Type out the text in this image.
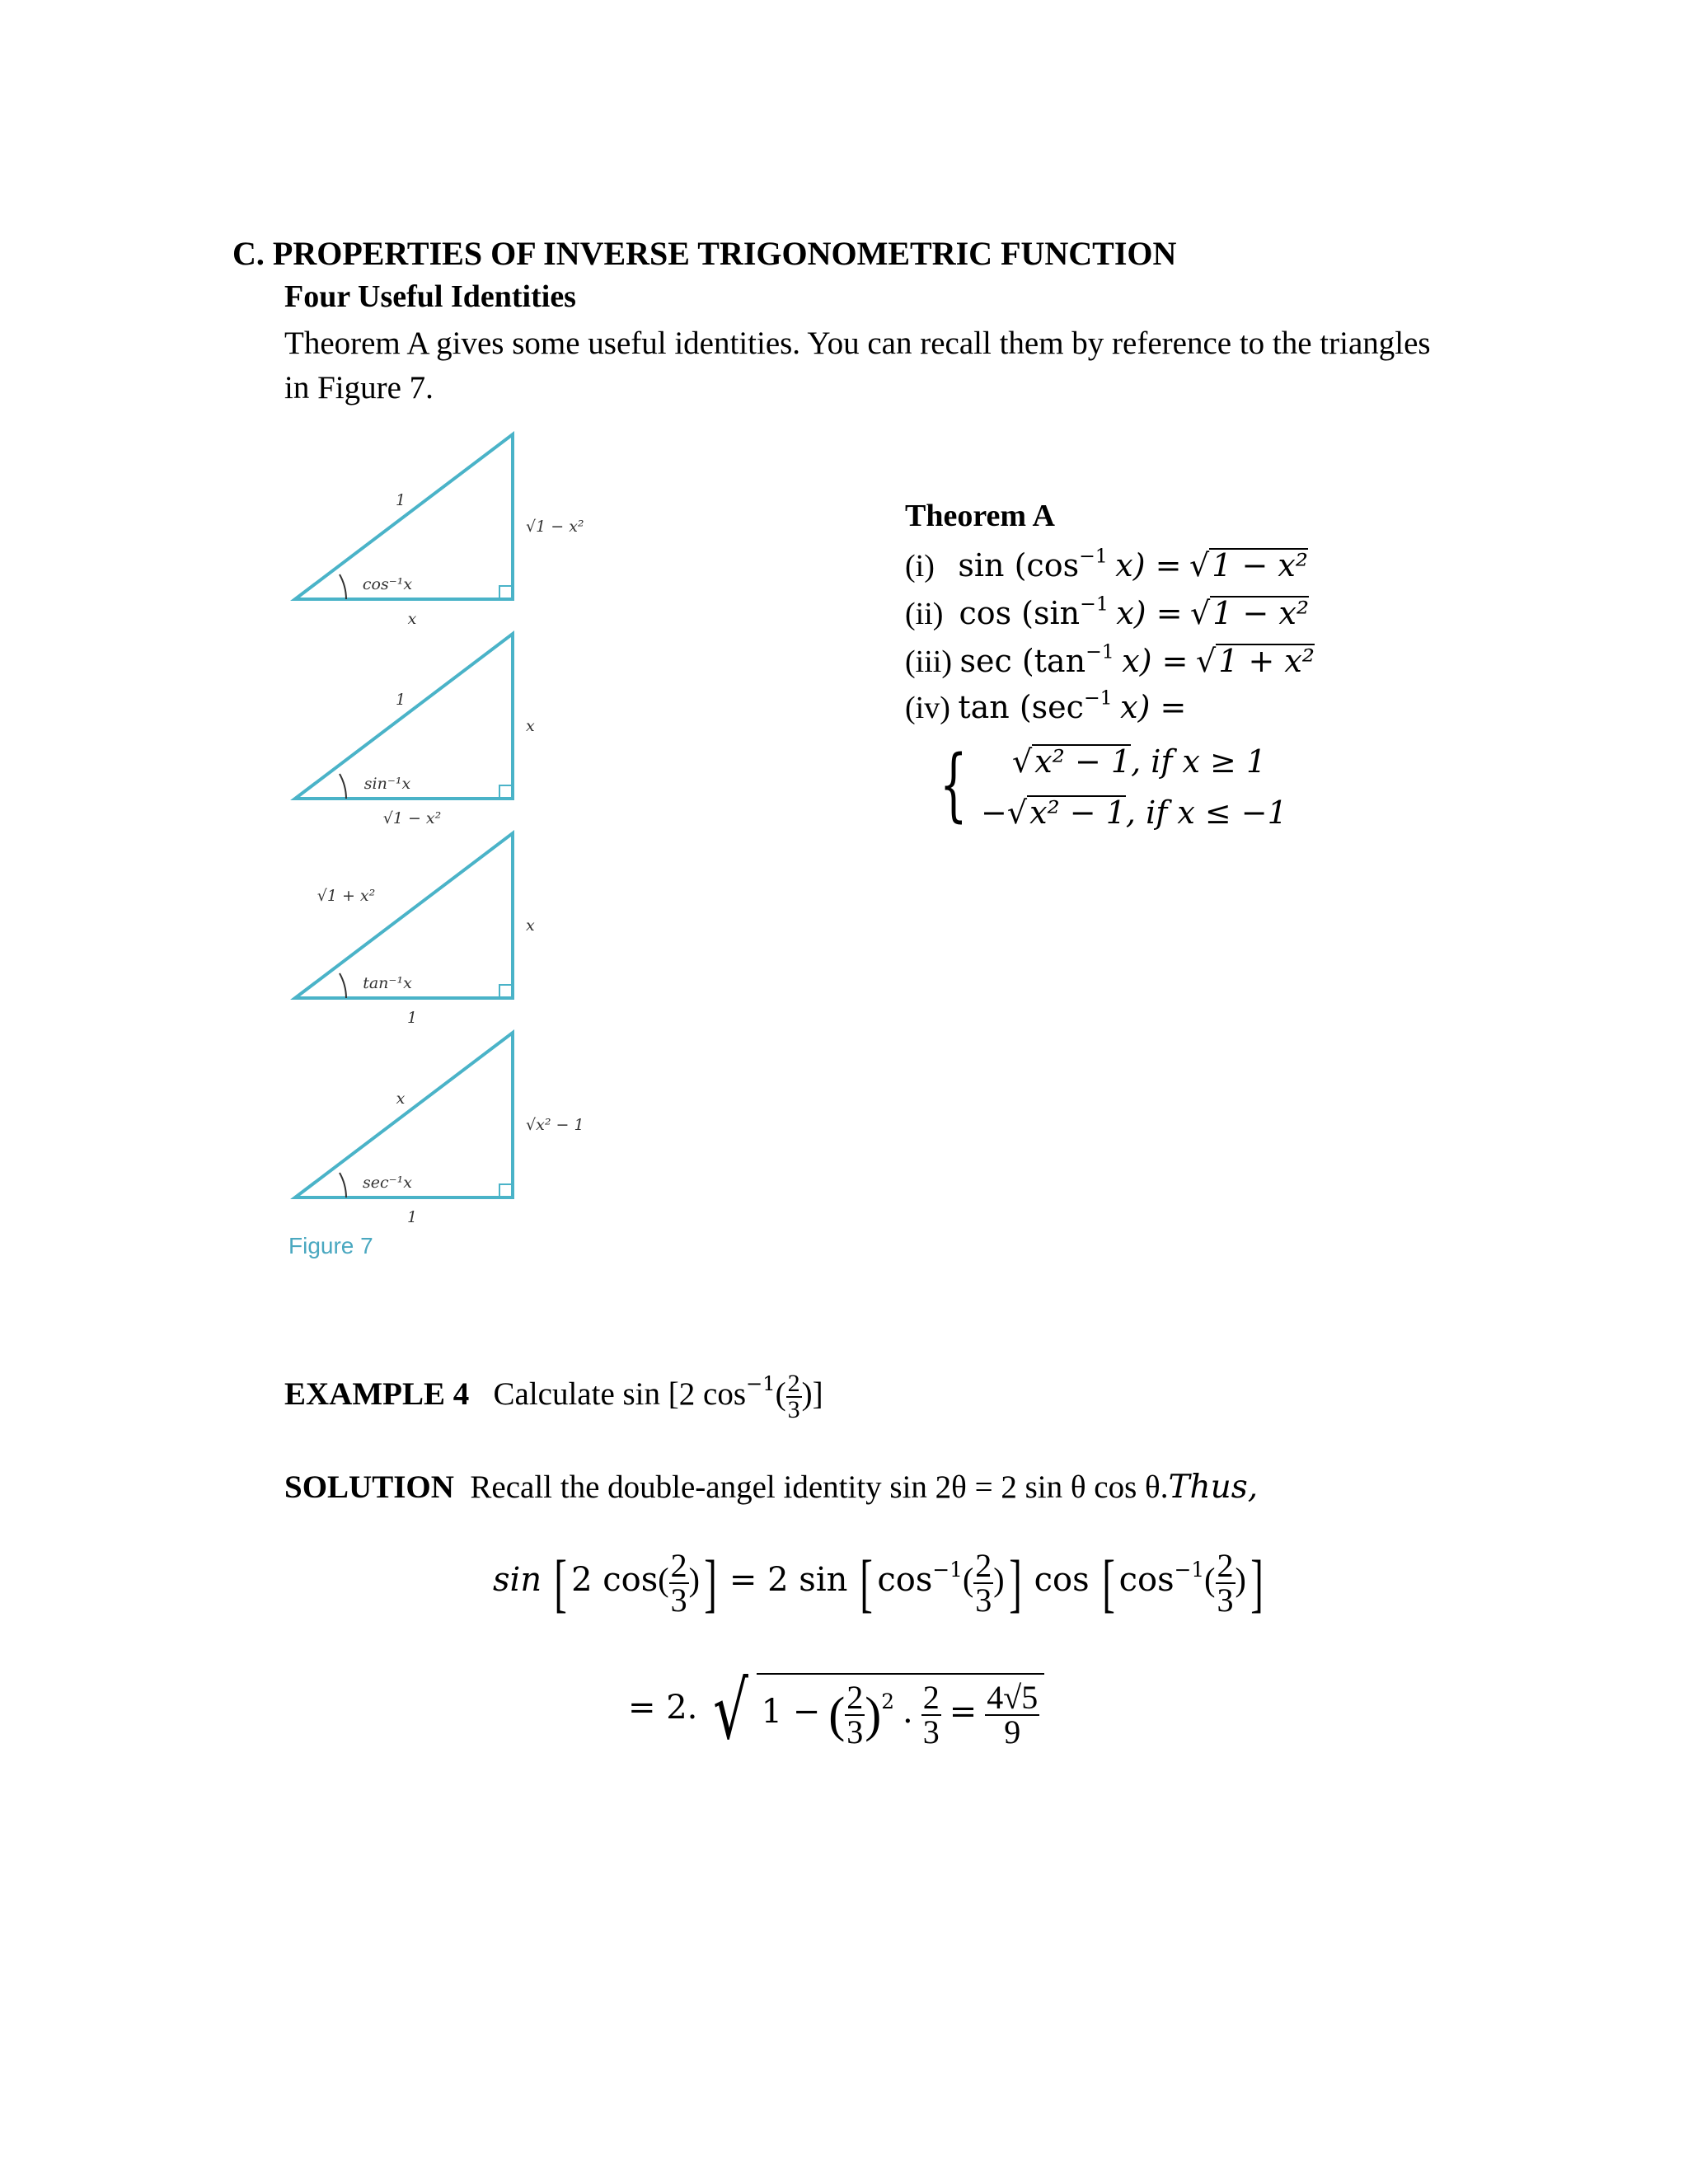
C. PROPERTIES OF INVERSE TRIGONOMETRIC FUNCTION
Four Useful Identities
Theorem A gives some useful identities. You can recall them by reference to the triangles in Figure 7.
1
cos⁻¹x
x
√1 − x²
1
sin⁻¹x
√1 − x²
x
√1 + x²
tan⁻¹x
1
x
x
sec⁻¹x
1
√x² − 1
Figure 7
Theorem A
(i) $\sin (\cos^{-1}$ x) = √1 − x²
(ii) $\cos (\sin^{-1}$ x) = √1 − x²
(iii) $\sec (\tan^{-1}$ x) = √1 + x²
(iv) $\tan (\sec^{-1}$ x) =
{ √x² − 1, if x ≥ 1
−√x² − 1, if x ≤ −1
EXAMPLE 4 Calculate sin [2 $\cos^{-1}( \frac{2}{3}$ )]
SOLUTION Recall the double-angel identity sin 2θ = 2 sin θ cos θ.Thus,
sin [ 2 $\cos( \frac{2}{3}$ )] = 2 sin [ $\cos^{-1}( \frac{2}{3}$ )] cos [ $\cos^{-1}( \frac{2}{3}$ )]
= 2. √ 1 − ( $\frac{2}{3} )^2$ . $\frac{2}{3} = \frac{4√5}{9}$
